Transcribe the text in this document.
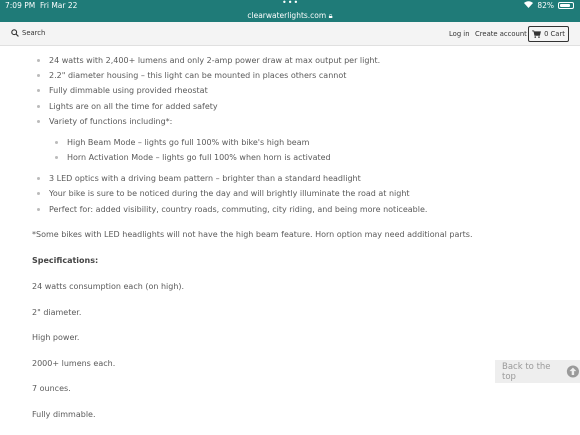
7:09 PM Fri Mar 22	•••
clearwaterlights.com 🔒︎
82%
Search	Log in Create account	0 Cart
24 watts with 2,400+ lumens and only 2-amp power draw at max output per light.
2.2" diameter housing – this light can be mounted in places others cannot
Fully dimmable using provided rheostat
Lights are on all the time for added safety
Variety of functions including*:
High Beam Mode – lights go full 100% with bike's high beam
Horn Activation Mode – lights go full 100% when horn is activated
3 LED optics with a driving beam pattern – brighter than a standard headlight
Your bike is sure to be noticed during the day and will brightly illuminate the road at night
Perfect for: added visibility, country roads, commuting, city riding, and being more noticeable.
*Some bikes with LED headlights will not have the high beam feature. Horn option may need additional parts.
Specifications:
24 watts consumption each (on high).
2" diameter.
High power.
2000+ lumens each.
7 ounces.
Fully dimmable.
Back to the top
